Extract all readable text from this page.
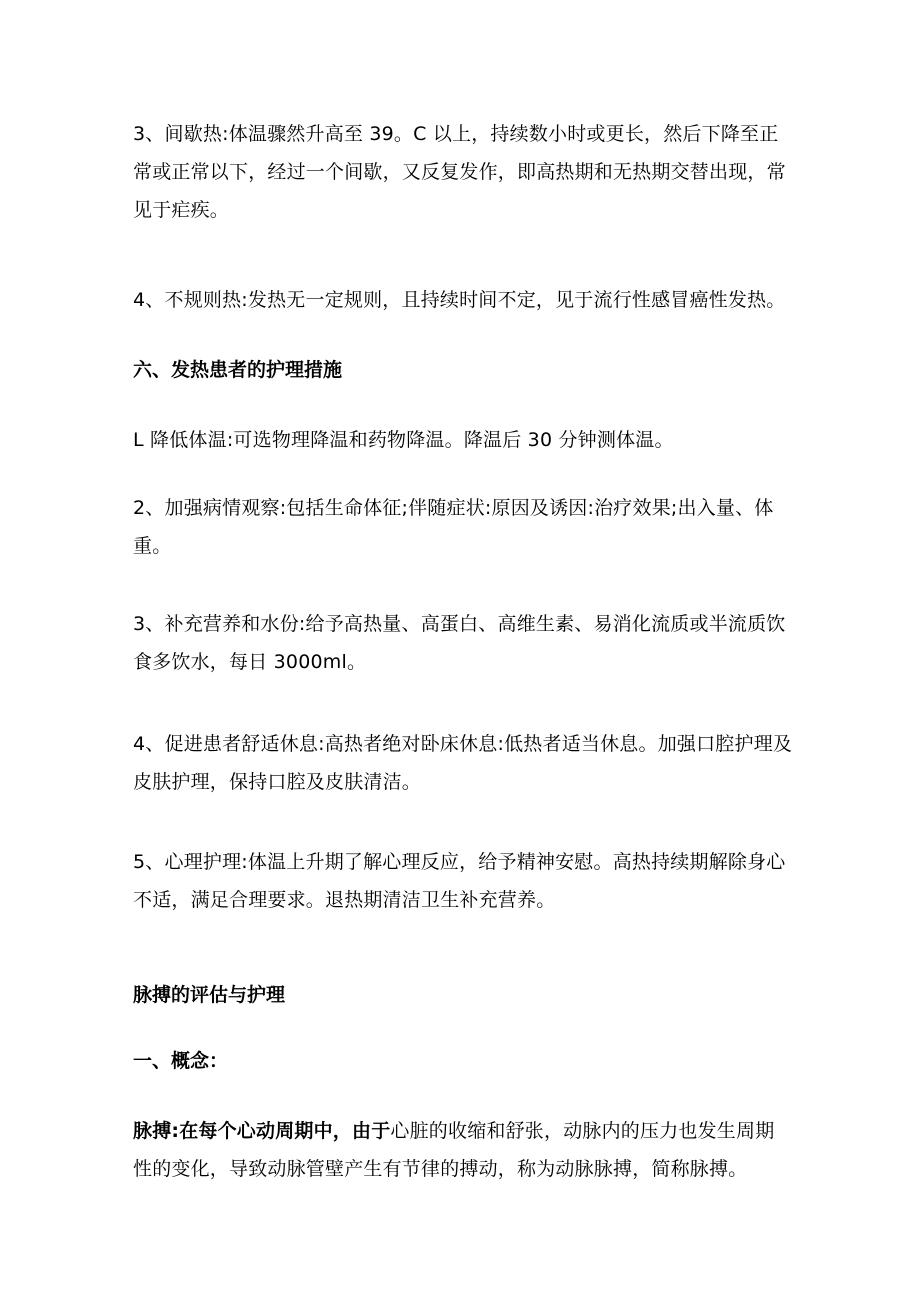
3、间歇热:体温骤然升高至 39。C 以上，持续数小时或更长，然后下降至正常或正常以下，经过一个间歇，又反复发作，即高热期和无热期交替出现，常见于疟疾。

4、不规则热:发热无一定规则，且持续时间不定，见于流行性感冒癌性发热。

六、发热患者的护理措施

L 降低体温:可选物理降温和药物降温。降温后 30 分钟测体温。

2、加强病情观察:包括生命体征;伴随症状:原因及诱因:治疗效果;出入量、体重。

3、补充营养和水份:给予高热量、高蛋白、高维生素、易消化流质或半流质饮食多饮水，每日 3000ml。

4、促进患者舒适休息:高热者绝对卧床休息:低热者适当休息。加强口腔护理及皮肤护理，保持口腔及皮肤清洁。

5、心理护理:体温上升期了解心理反应，给予精神安慰。高热持续期解除身心不适，满足合理要求。退热期清洁卫生补充营养。

脉搏的评估与护理
一、概念：

脉搏:在每个心动周期中，由于心脏的收缩和舒张，动脉内的压力也发生周期性的变化，导致动脉管壁产生有节律的搏动，称为动脉脉搏，简称脉搏。
